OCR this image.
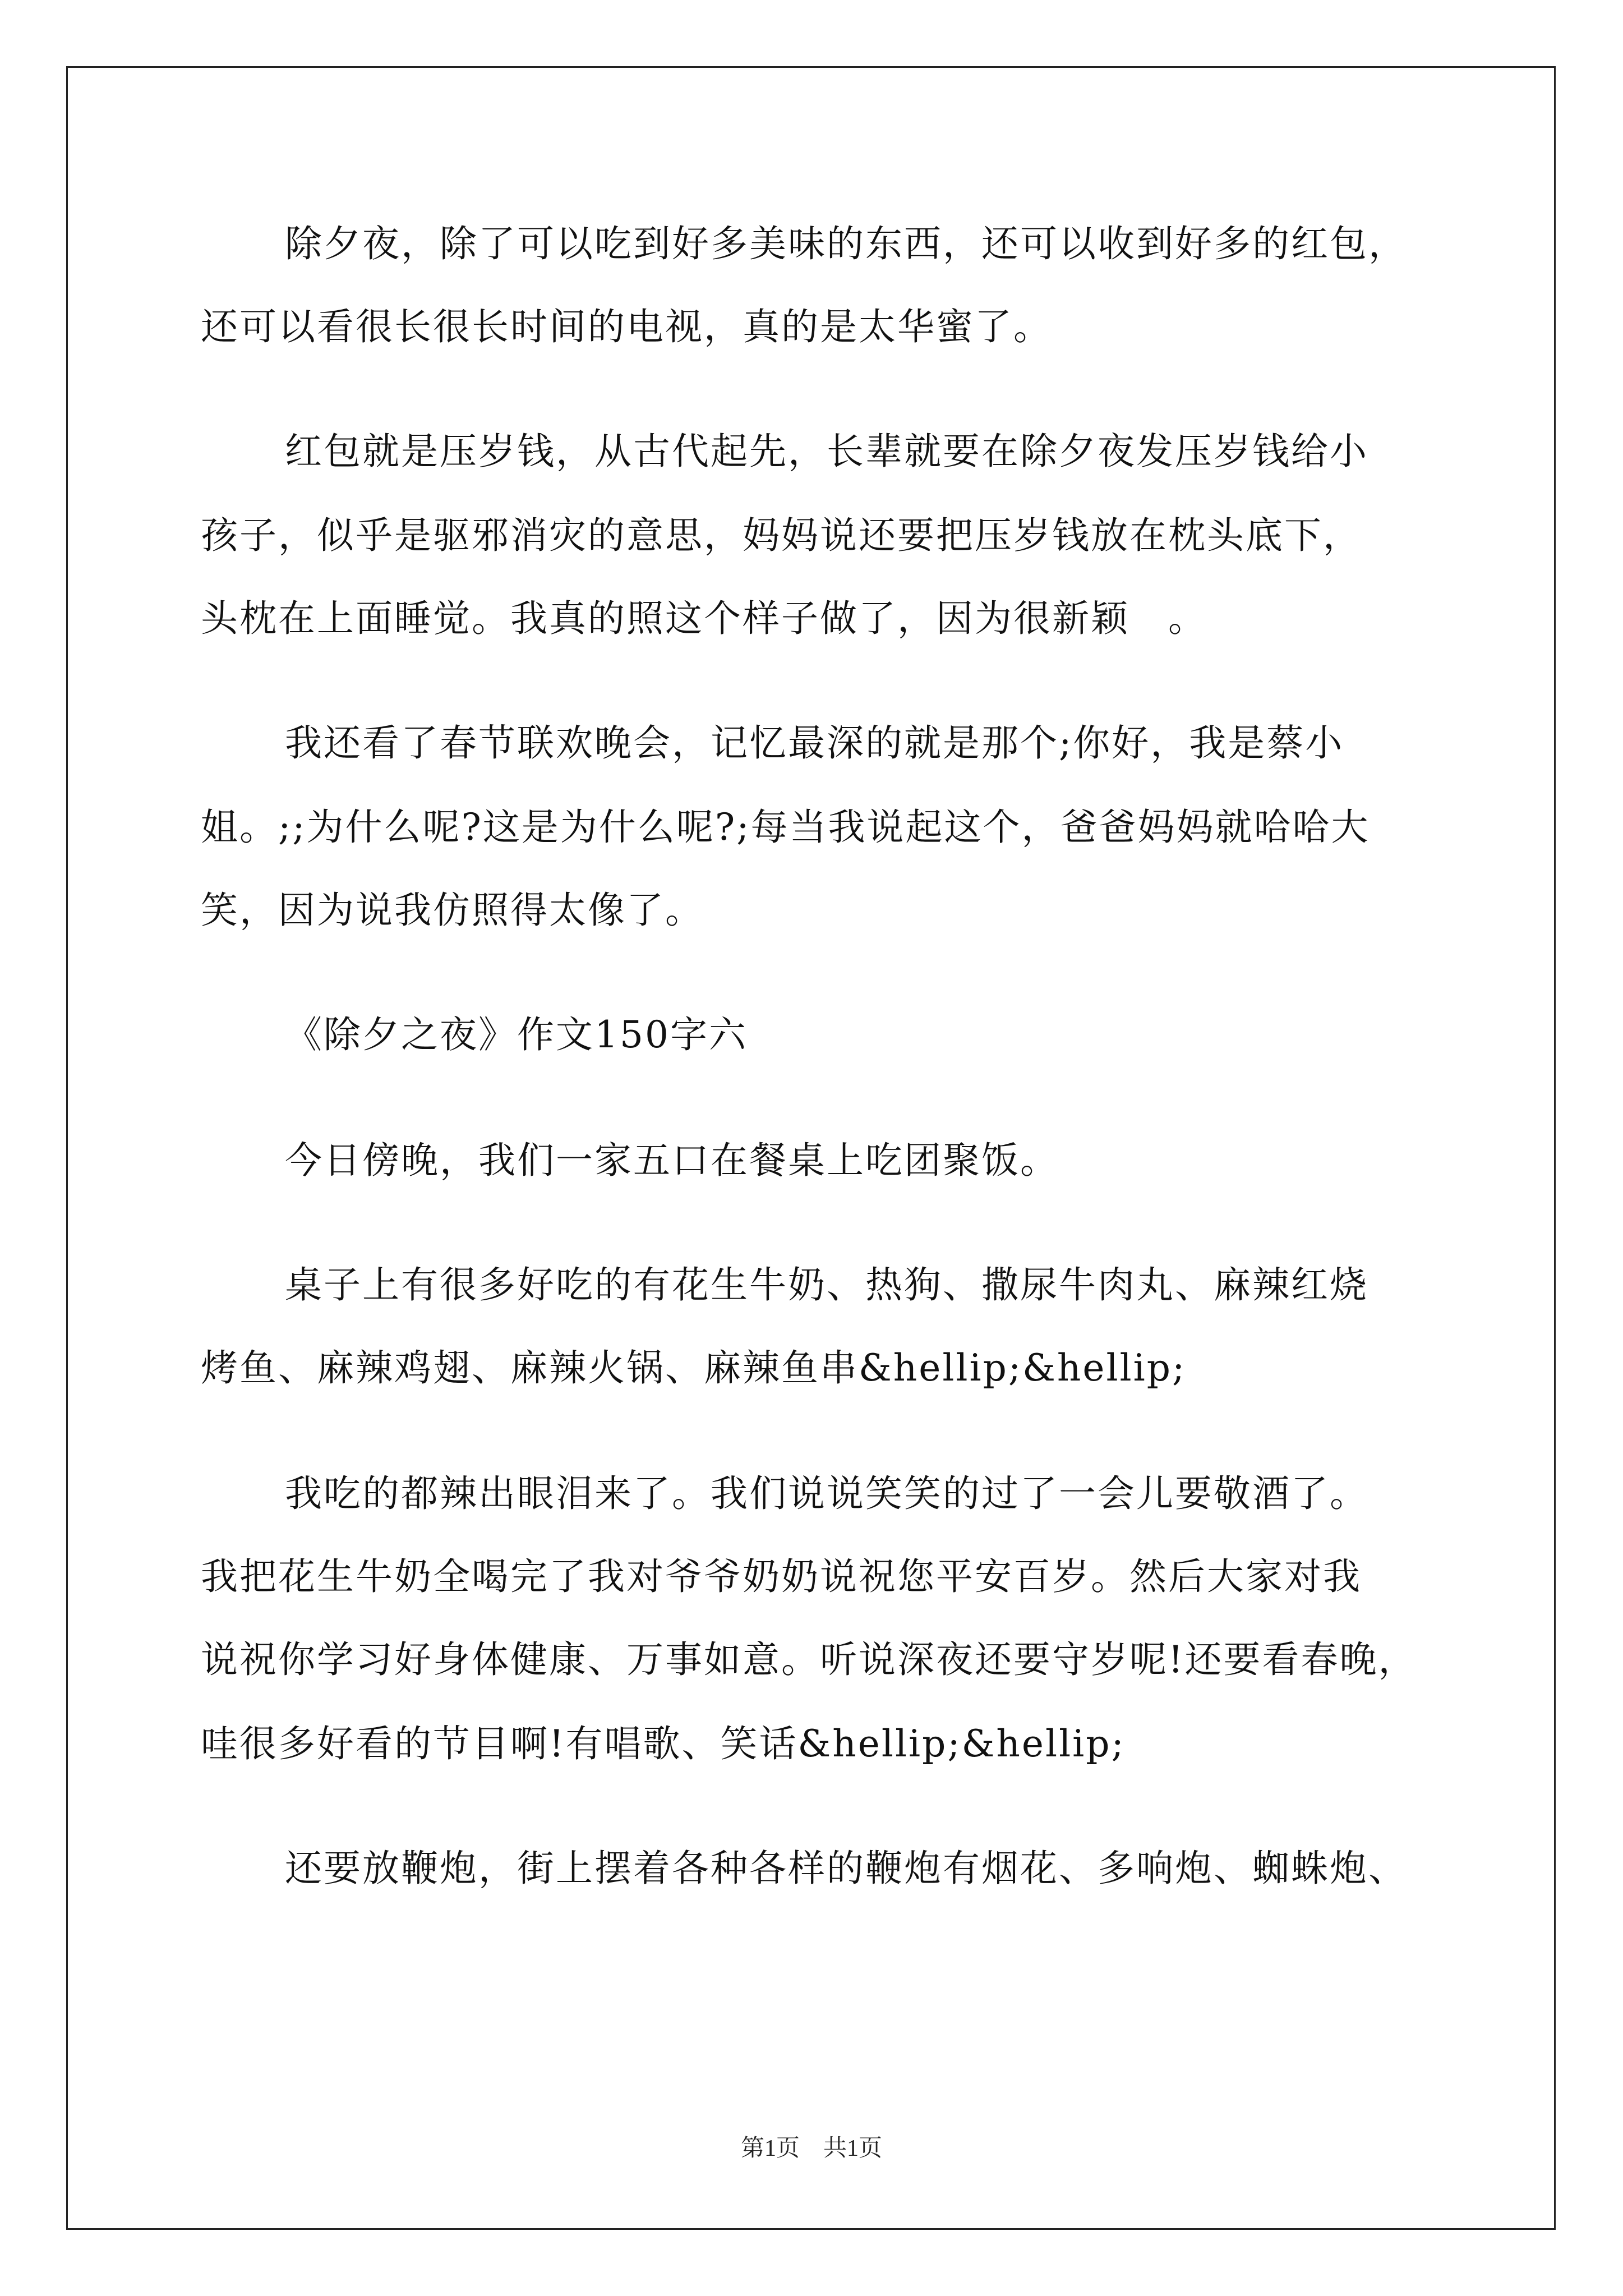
除夕夜，除了可以吃到好多美味的东西，还可以收到好多的红包，
还可以看很长很长时间的电视，真的是太华蜜了。
红包就是压岁钱，从古代起先，长辈就要在除夕夜发压岁钱给小
孩子，似乎是驱邪消灾的意思，妈妈说还要把压岁钱放在枕头底下，
头枕在上面睡觉。我真的照这个样子做了，因为很新颖　。
我还看了春节联欢晚会，记忆最深的就是那个;你好，我是蔡小
姐。;;为什么呢?这是为什么呢?;每当我说起这个，爸爸妈妈就哈哈大
笑，因为说我仿照得太像了。
《除夕之夜》作文150字六
今日傍晚，我们一家五口在餐桌上吃团聚饭。
桌子上有很多好吃的有花生牛奶、热狗、撒尿牛肉丸、麻辣红烧
烤鱼、麻辣鸡翅、麻辣火锅、麻辣鱼串&hellip;&hellip;
我吃的都辣出眼泪来了。我们说说笑笑的过了一会儿要敬酒了。
我把花生牛奶全喝完了我对爷爷奶奶说祝您平安百岁。然后大家对我
说祝你学习好身体健康、万事如意。听说深夜还要守岁呢!还要看春晚，
哇很多好看的节目啊!有唱歌、笑话&hellip;&hellip;
还要放鞭炮，街上摆着各种各样的鞭炮有烟花、多响炮、蜘蛛炮、
第1页　共1页
